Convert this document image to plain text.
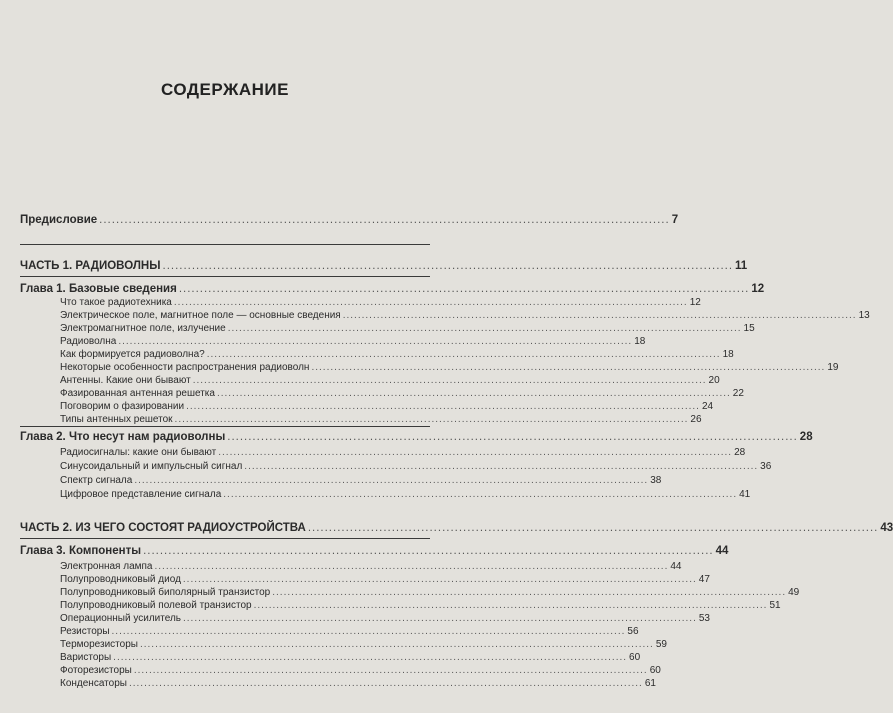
СОДЕРЖАНИЕ
Предисловие ........................................................................................................................................ 7
ЧАСТЬ 1. РАДИОВОЛНЫ ........................................................................................................................................ 11
Глава 1. Базовые сведения ........................................................................................................................................ 12
Что такое радиотехника ........................................................................................................................................ 12
Электрическое поле, магнитное поле — основные сведения ........................................................................................................................................ 13
Электромагнитное поле, излучение ........................................................................................................................................ 15
Радиоволна ........................................................................................................................................ 18
Как формируется радиоволна? ........................................................................................................................................ 18
Некоторые особенности распространения радиоволн ........................................................................................................................................ 19
Антенны. Какие они бывают ........................................................................................................................................ 20
Фазированная антенная решетка ........................................................................................................................................ 22
Поговорим о фазировании ........................................................................................................................................ 24
Типы антенных решеток ........................................................................................................................................ 26
Глава 2. Что несут нам радиоволны ........................................................................................................................................ 28
Радиосигналы: какие они бывают ........................................................................................................................................ 28
Синусоидальный и импульсный сигнал ........................................................................................................................................ 36
Спектр сигнала ........................................................................................................................................ 38
Цифровое представление сигнала ........................................................................................................................................ 41
ЧАСТЬ 2. ИЗ ЧЕГО СОСТОЯТ РАДИОУСТРОЙСТВА ........................................................................................................................................ 43
Глава 3. Компоненты ........................................................................................................................................ 44
Электронная лампа ........................................................................................................................................ 44
Полупроводниковый диод ........................................................................................................................................ 47
Полупроводниковый биполярный транзистор ........................................................................................................................................ 49
Полупроводниковый полевой транзистор ........................................................................................................................................ 51
Операционный усилитель ........................................................................................................................................ 53
Резисторы ........................................................................................................................................ 56
Терморезисторы ........................................................................................................................................ 59
Варисторы ........................................................................................................................................ 60
Фоторезисторы ........................................................................................................................................ 60
Конденсаторы ........................................................................................................................................ 61
